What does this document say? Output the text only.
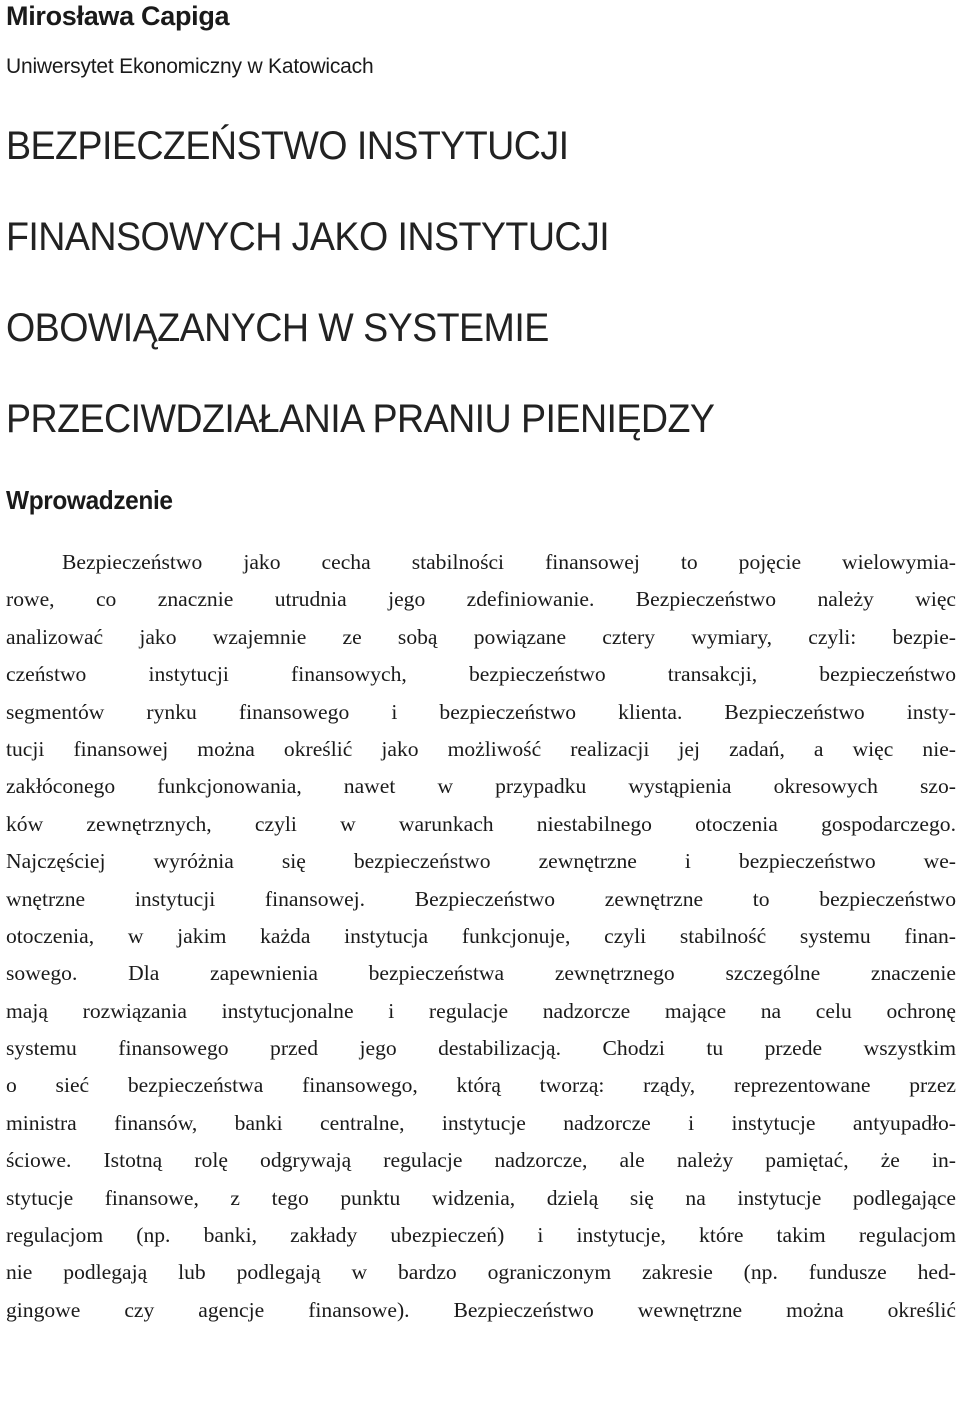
Mirosława Capiga
Uniwersytet Ekonomiczny w Katowicach
BEZPIECZEŃSTWO INSTYTUCJI
FINANSOWYCH JAKO INSTYTUCJI
OBOWIĄZANYCH W SYSTEMIE
PRZECIWDZIAŁANIA PRANIU PIENIĘDZY
Wprowadzenie
Bezpieczeństwo jako cecha stabilności finansowej to pojęcie wielowymia-
rowe, co znacznie utrudnia jego zdefiniowanie. Bezpieczeństwo należy więc
analizować jako wzajemnie ze sobą powiązane cztery wymiary, czyli: bezpie-
czeństwo instytucji finansowych, bezpieczeństwo transakcji, bezpieczeństwo
segmentów rynku finansowego i bezpieczeństwo klienta. Bezpieczeństwo insty-
tucji finansowej można określić jako możliwość realizacji jej zadań, a więc nie-
zakłóconego funkcjonowania, nawet w przypadku wystąpienia okresowych szo-
ków zewnętrznych, czyli w warunkach niestabilnego otoczenia gospodarczego.
Najczęściej wyróżnia się bezpieczeństwo zewnętrzne i bezpieczeństwo we-
wnętrzne instytucji finansowej. Bezpieczeństwo zewnętrzne to bezpieczeństwo
otoczenia, w jakim każda instytucja funkcjonuje, czyli stabilność systemu finan-
sowego. Dla zapewnienia bezpieczeństwa zewnętrznego szczególne znaczenie
mają rozwiązania instytucjonalne i regulacje nadzorcze mające na celu ochronę
systemu finansowego przed jego destabilizacją. Chodzi tu przede wszystkim
o sieć bezpieczeństwa finansowego, którą tworzą: rządy, reprezentowane przez
ministra finansów, banki centralne, instytucje nadzorcze i instytucje antyupadło-
ściowe. Istotną rolę odgrywają regulacje nadzorcze, ale należy pamiętać, że in-
stytucje finansowe, z tego punktu widzenia, dzielą się na instytucje podlegające
regulacjom (np. banki, zakłady ubezpieczeń) i instytucje, które takim regulacjom
nie podlegają lub podlegają w bardzo ograniczonym zakresie (np. fundusze hed-
gingowe czy agencje finansowe). Bezpieczeństwo wewnętrzne można określić
